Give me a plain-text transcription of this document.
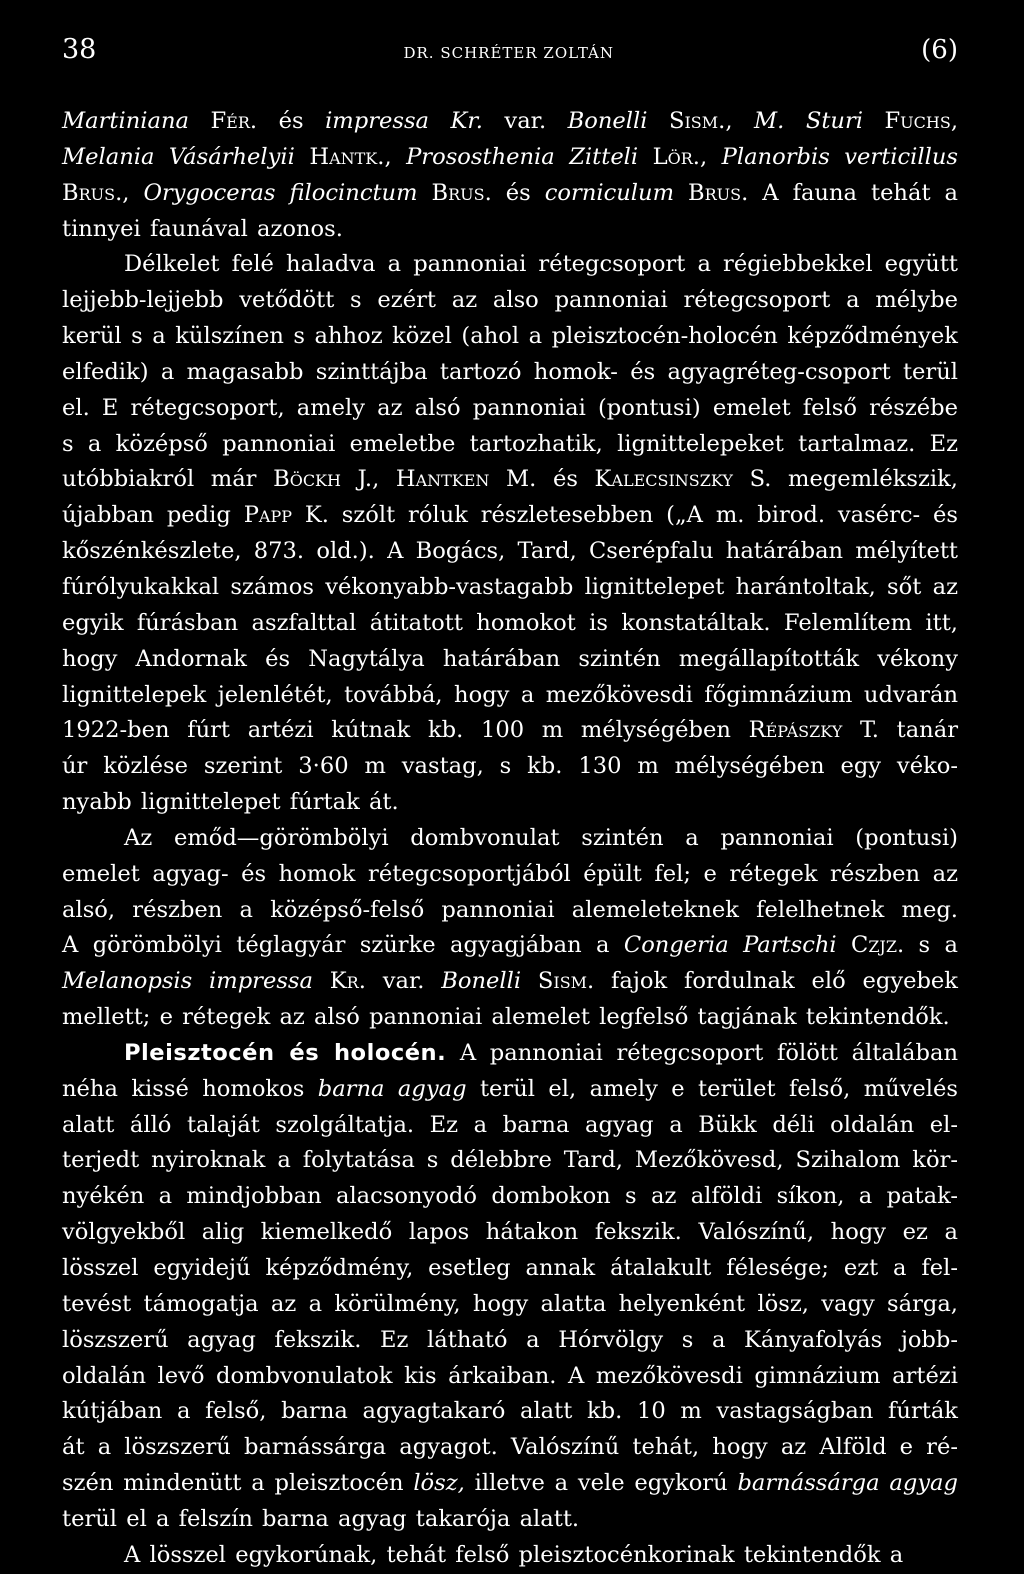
38	DR. SCHRÉTER ZOLTÁN	(6)
Martiniana Fér. és impressa Kr. var. Bonelli Sism., M. Sturi Fuchs,
Melania Vásárhelyii Hantk., Prososthenia Zitteli Lör., Planorbis verticillus
Brus., Orygoceras filocinctum Brus. és corniculum Brus. A fauna tehát a
tinnyei faunával azonos.
Délkelet felé haladva a pannoniai rétegcsoport a régiebbekkel együtt
lejjebb-lejjebb vetődött s ezért az also pannoniai rétegcsoport a mélybe
kerül s a külszínen s ahhoz közel (ahol a pleisztocén-holocén képződmények
elfedik) a magasabb szinttájba tartozó homok- és agyagréteg-csoport terül
el. E rétegcsoport, amely az alsó pannoniai (pontusi) emelet felső részébe
s a középső pannoniai emeletbe tartozhatik, lignittelepeket tartalmaz. Ez
utóbbiakról már Böckh J., Hantken M. és Kalecsinszky S. megemlékszik,
újabban pedig Papp K. szólt róluk részletesebben („A m. birod. vasérc- és
kőszénkészlete, 873. old.). A Bogács, Tard, Cserépfalu határában mélyített
fúrólyukakkal számos vékonyabb-vastagabb lignittelepet harántoltak, sőt az
egyik fúrásban aszfalttal átitatott homokot is konstatáltak. Felemlítem itt,
hogy Andornak és Nagytálya határában szintén megállapították vékony
lignittelepek jelenlétét, továbbá, hogy a mezőkövesdi főgimnázium udvarán
1922-ben fúrt artézi kútnak kb. 100 m mélységében Répászky T. tanár
úr közlése szerint 3·60 m vastag, s kb. 130 m mélységében egy véko-
nyabb lignittelepet fúrtak át.
Az emőd—görömbölyi dombvonulat szintén a pannoniai (pontusi)
emelet agyag- és homok rétegcsoportjából épült fel; e rétegek részben az
alsó, részben a középső-felső pannoniai alemeleteknek felelhetnek meg.
A görömbölyi téglagyár szürke agyagjában a Congeria Partschi Czjz. s a
Melanopsis impressa Kr. var. Bonelli Sism. fajok fordulnak elő egyebek
mellett; e rétegek az alsó pannoniai alemelet legfelső tagjának tekintendők.
Pleisztocén és holocén. A pannoniai rétegcsoport fölött általában
néha kissé homokos barna agyag terül el, amely e terület felső, művelés
alatt álló talaját szolgáltatja. Ez a barna agyag a Bükk déli oldalán el-
terjedt nyiroknak a folytatása s délebbre Tard, Mezőkövesd, Szihalom kör-
nyékén a mindjobban alacsonyodó dombokon s az alföldi síkon, a patak-
völgyekből alig kiemelkedő lapos hátakon fekszik. Valószínű, hogy ez a
lösszel egyidejű képződmény, esetleg annak átalakult félesége; ezt a fel-
tevést támogatja az a körülmény, hogy alatta helyenként lösz, vagy sárga,
löszszerű agyag fekszik. Ez látható a Hórvölgy s a Kányafolyás jobb-
oldalán levő dombvonulatok kis árkaiban. A mezőkövesdi gimnázium artézi
kútjában a felső, barna agyagtakaró alatt kb. 10 m vastagságban fúrták
át a löszszerű barnássárga agyagot. Valószínű tehát, hogy az Alföld e ré-
szén mindenütt a pleisztocén lösz, illetve a vele egykorú barnássárga agyag
terül el a felszín barna agyag takarója alatt.
A lösszel egykorúnak, tehát felső pleisztocénkorinak tekintendők a
